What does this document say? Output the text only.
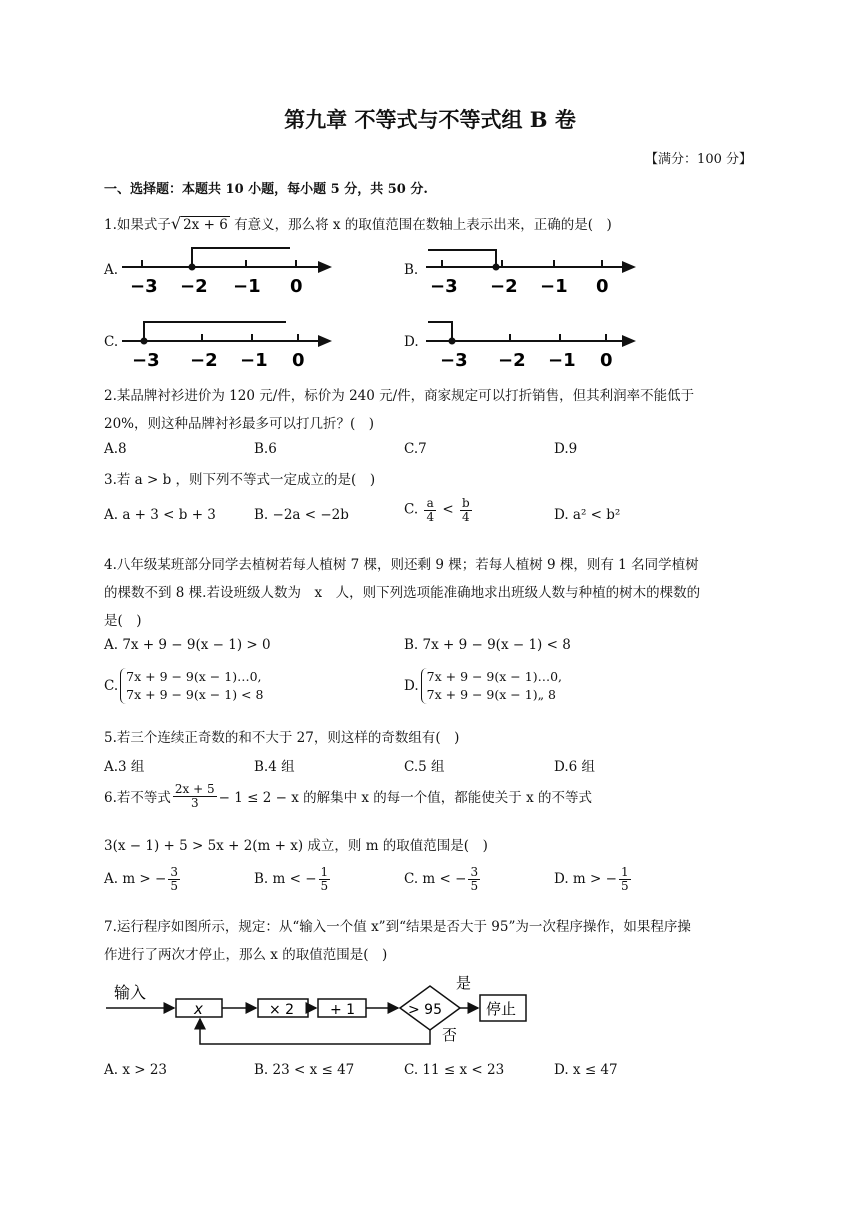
第九章 不等式与不等式组 B 卷
【满分：100 分】
一、选择题：本题共 10 小题，每小题 5 分，共 50 分.
1.如果式子√ 2x + 6 有意义，那么将 x 的取值范围在数轴上表示出来，正确的是(　)
A.	B.
C.	D.
−3 −2 −1 0	−3 −2 −1 0
−3 −2 −1 0	−3 −2 −1 0
2.某品牌衬衫进价为 120 元/件，标价为 240 元/件，商家规定可以打折销售，但其利润率不能低于
20%，则这种品牌衬衫最多可以打几折？(　)
A.8	B.6	C.7	D.9
3.若 a > b ，则下列不等式一定成立的是(　)
A. a + 3 < b + 3	B. −2a < −2b	C. $\frac{a}{4} < \frac{b}{4}$	D. a² < b²
4.八年级某班部分同学去植树若每人植树 7 棵，则还剩 9 棵；若每人植树 9 棵，则有 1 名同学植树
的棵数不到 8 棵.若设班级人数为　x　人，则下列选项能准确地求出班级人数与种植的树木的棵数的
是(　)
A. 7x + 9 − 9(x − 1) > 0	B. 7x + 9 − 9(x − 1) < 8
C.7x + 9 − 9(x − 1)…0,
7x + 9 − 9(x − 1) < 8
D.7x + 9 − 9(x − 1)…0,
7x + 9 − 9(x − 1)„ 8
5.若三个连续正奇数的和不大于 27，则这样的奇数组有(　)
A.3 组	B.4 组	C.5 组	D.6 组
6.若不等式 $\frac{2x + 5}{3} - 1 \le 2 - x$ 的解集中 x 的每一个值，都能使关于 x 的不等式
3(x − 1) + 5 > 5x + 2(m + x) 成立，则 m 的取值范围是(　)
A. m > − $\frac{3}{5}$	B. m < − $\frac{1}{5}$	C. m < − $\frac{3}{5}$	D. m > − $\frac{1}{5}$
7.运行程序如图所示，规定：从“输入一个值 x”到“结果是否大于 95”为一次程序操作，如果程序操
作进行了两次才停止，那么 x 的取值范围是(　)
输入
x	× 2	+ 1	> 95
是
停止
否
A. x > 23	B. 23 < x ≤ 47	C. 11 ≤ x < 23	D. x ≤ 47
